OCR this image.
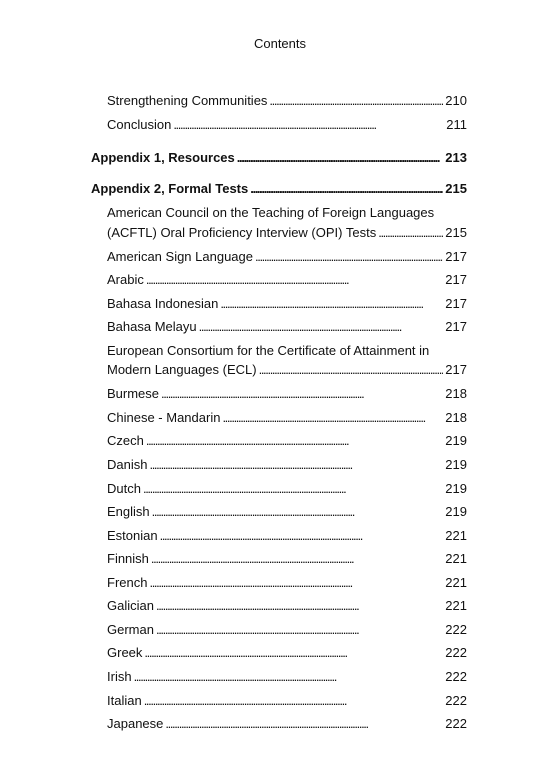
Contents
Strengthening Communities . . .	210
Conclusion . . .	211
Appendix 1, Resources . . .	213
Appendix 2, Formal Tests . . .	215
American Council on the Teaching of Foreign Languages
(ACFTL) Oral Proficiency Interview (OPI) Tests . . .	215
American Sign Language . . .	217
Arabic . . .	217
Bahasa Indonesian . . .	217
Bahasa Melayu . . .	217
European Consortium for the Certificate of Attainment in
Modern Languages (ECL) . . .	217
Burmese . . .	218
Chinese - Mandarin . . .	218
Czech . . .	219
Danish . . .	219
Dutch . . .	219
English . . .	219
Estonian . . .	221
Finnish . . .	221
French . . .	221
Galician . . .	221
German . . .	222
Greek . . .	222
Irish . . .	222
Italian . . .	222
Japanese . . .	222
